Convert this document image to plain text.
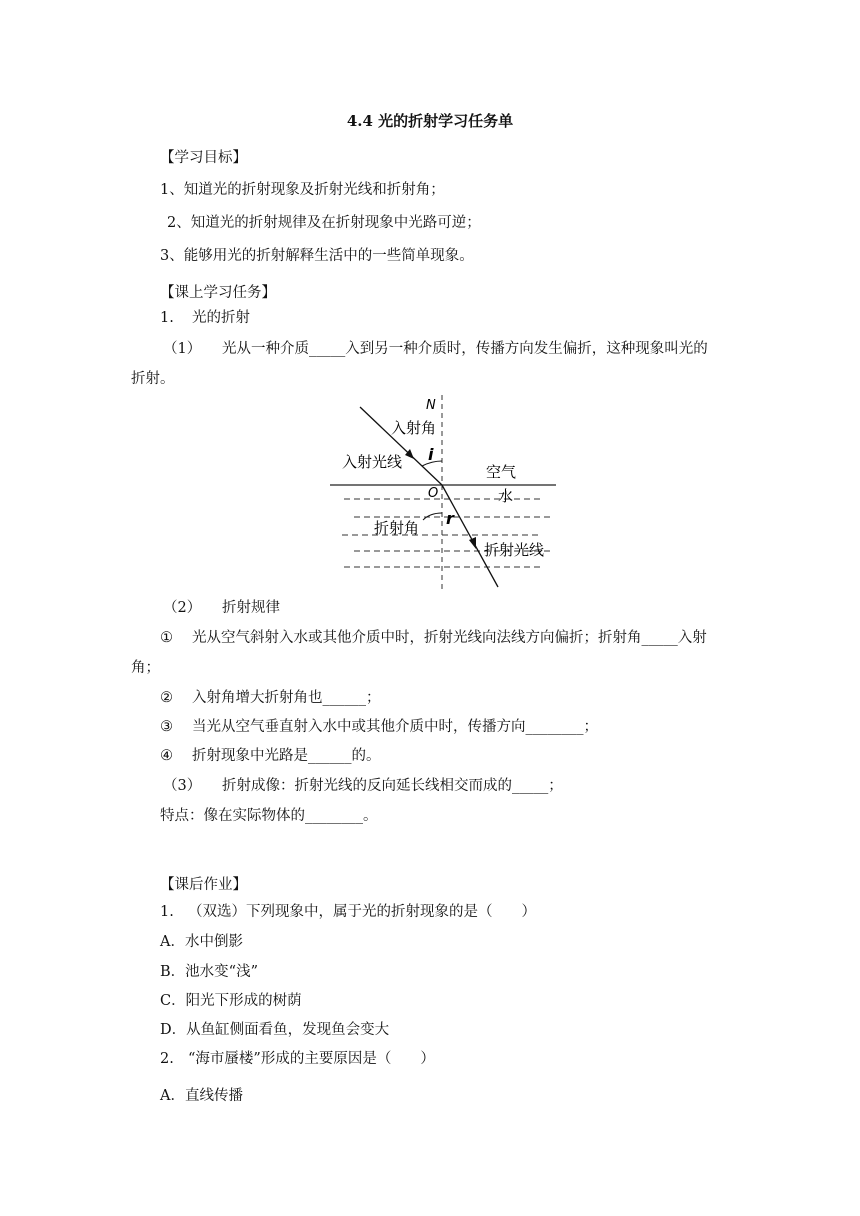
4.4 光的折射学习任务单
【学习目标】
1、知道光的折射现象及折射光线和折射角；
2、知道光的折射规律及在折射现象中光路可逆；
3、能够用光的折射解释生活中的一些简单现象。
【课上学习任务】
1. 光的折射
（1） 光从一种介质_____入到另一种介质时，传播方向发生偏折，这种现象叫光的
折射。
N
入射角
i
入射光线
空气
O	水
r
折射角
折射光线
（2） 折射规律
① 光从空气斜射入水或其他介质中时，折射光线向法线方向偏折；折射角_____入射
角；
② 入射角增大折射角也______；
③ 当光从空气垂直射入水中或其他介质中时，传播方向________；
④ 折射现象中光路是______的。
（3） 折射成像：折射光线的反向延长线相交而成的_____；
特点：像在实际物体的________。
【课后作业】
1. （双选）下列现象中，属于光的折射现象的是（　　）
A．水中倒影
B．池水变“浅”
C．阳光下形成的树荫
D．从鱼缸侧面看鱼，发现鱼会变大
2. “海市蜃楼”形成的主要原因是（　　）
A．直线传播
